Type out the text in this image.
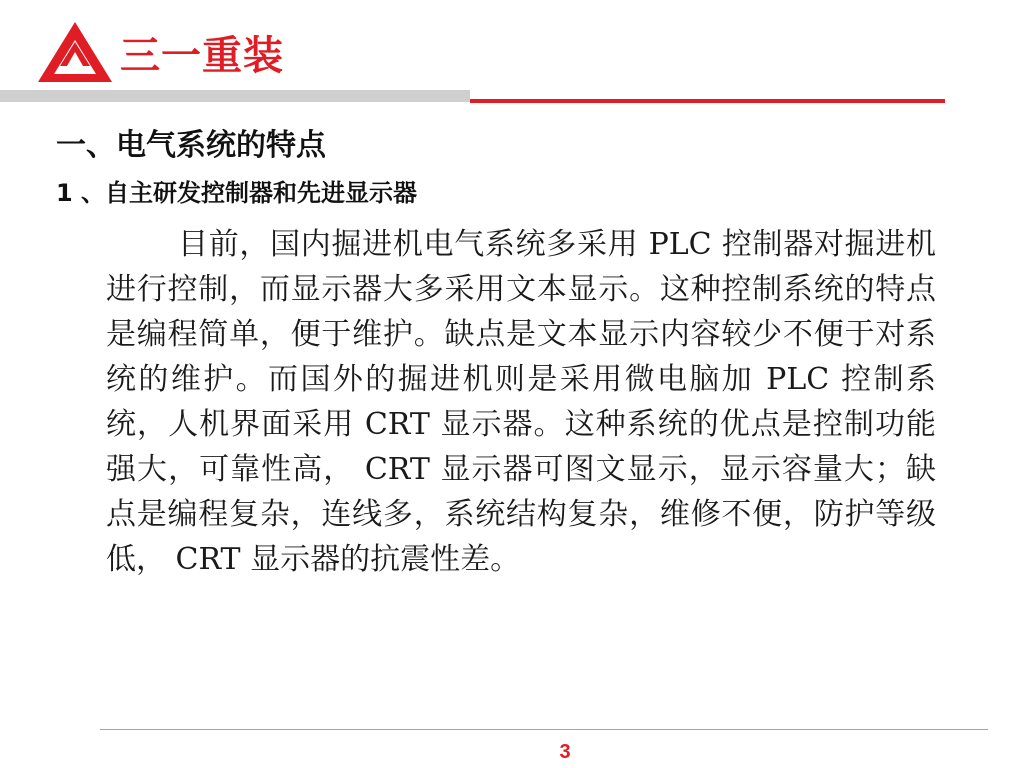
三一重装
一、电气系统的特点
1 、自主研发控制器和先进显示器

目前，国内掘进机电气系统多采用 PLC 控制器对掘进机进行控制，而显示器大多采用文本显示。这种控制系统的特点是编程简单，便于维护。缺点是文本显示内容较少不便于对系统的维护。而国外的掘进机则是采用微电脑加 PLC 控制系统，人机界面采用 CRT 显示器。这种系统的优点是控制功能强大，可靠性高， CRT 显示器可图文显示，显示容量大；缺点是编程复杂，连线多，系统结构复杂，维修不便，防护等级低， CRT 显示器的抗震性差。

3
